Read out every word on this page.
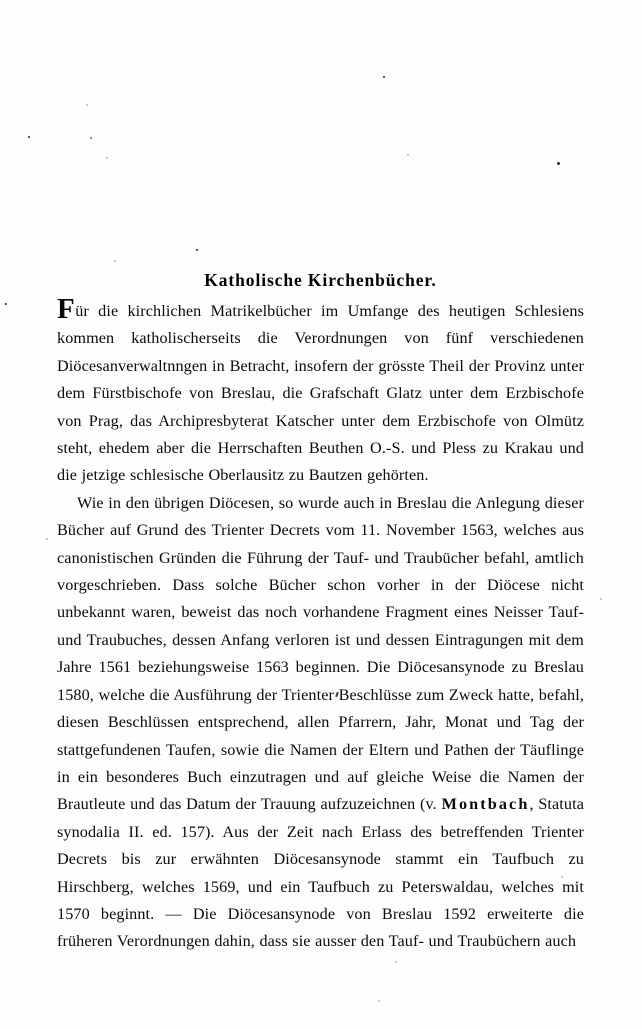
Katholische Kirchenbücher.

Für die kirchlichen Matrikelbücher im Umfange des heutigen Schlesiens kommen katholischerseits die Verordnungen von fünf verschiedenen Diöcesanverwaltnngen in Betracht, insofern der grösste Theil der Provinz unter dem Fürstbischofe von Breslau, die Grafschaft Glatz unter dem Erzbischofe von Prag, das Archipresbyterat Katscher unter dem Erzbischofe von Olmütz steht, ehedem aber die Herrschaften Beuthen O.-S. und Pless zu Krakau und die jetzige schlesische Oberlausitz zu Bautzen gehörten.

Wie in den übrigen Diöcesen, so wurde auch in Breslau die Anlegung dieser Bücher auf Grund des Trienter Decrets vom 11. November 1563, welches aus canonistischen Gründen die Führung der Tauf- und Traubücher befahl, amtlich vorgeschrieben. Dass solche Bücher schon vorher in der Diöcese nicht unbekannt waren, beweist das noch vorhandene Fragment eines Neisser Tauf- und Traubuches, dessen Anfang verloren ist und dessen Eintragungen mit dem Jahre 1561 beziehungsweise 1563 beginnen. Die Diöcesansynode zu Breslau 1580, welche die Ausführung der Trienter Beschlüsse zum Zweck hatte, befahl, diesen Beschlüssen entsprechend, allen Pfarrern, Jahr, Monat und Tag der stattgefundenen Taufen, sowie die Namen der Eltern und Pathen der Täuflinge in ein besonderes Buch einzutragen und auf gleiche Weise die Namen der Brautleute und das Datum der Trauung aufzuzeichnen (v. Montbach, Statuta synodalia II. ed. 157). Aus der Zeit nach Erlass des betreffenden Trienter Decrets bis zur erwähnten Diöcesansynode stammt ein Taufbuch zu Hirschberg, welches 1569, und ein Taufbuch zu Peterswaldau, welches mit 1570 beginnt. — Die Diöcesansynode von Breslau 1592 erweiterte die früheren Verordnungen dahin, dass sie ausser den Tauf- und Traubüchern auch
